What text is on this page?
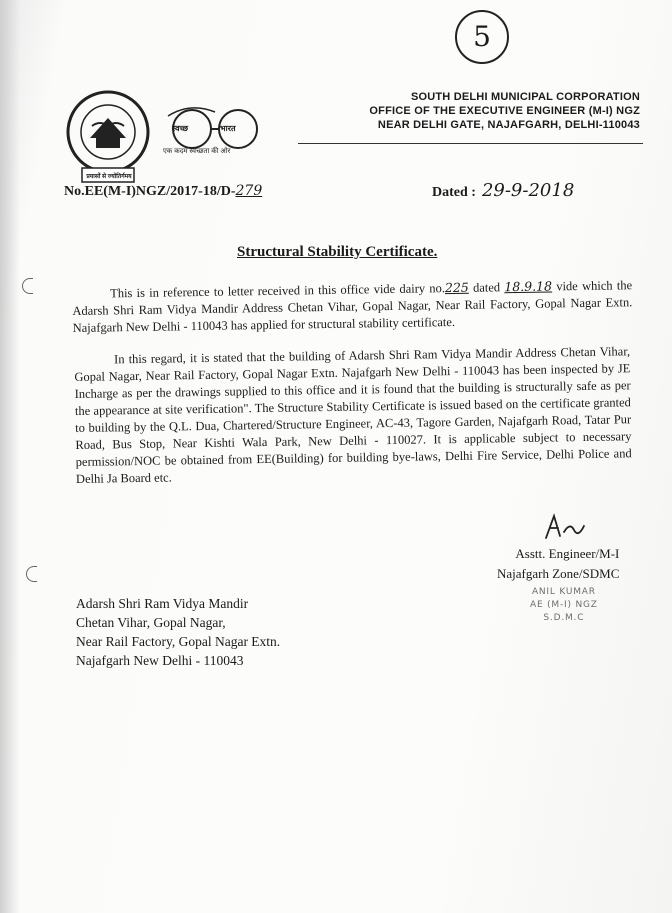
5
प्रयासों से ज्योतिर्गमय
स्वच्छ	भारत
एक कदम स्वच्छता की ओर
SOUTH DELHI MUNICIPAL CORPORATION
OFFICE OF THE EXECUTIVE ENGINEER (M-I) NGZ
NEAR DELHI GATE, NAJAFGARH, DELHI-110043
No.EE(M-I)NGZ/2017-18/D-279	Dated : 29-9-2018
Structural Stability Certificate.
This is in reference to letter received in this office vide dairy no.225 dated 18.9.18 vide which the Adarsh Shri Ram Vidya Mandir Address Chetan Vihar, Gopal Nagar, Near Rail Factory, Gopal Nagar Extn. Najafgarh New Delhi - 110043 has applied for structural stability certificate.
In this regard, it is stated that the building of Adarsh Shri Ram Vidya Mandir Address Chetan Vihar, Gopal Nagar, Near Rail Factory, Gopal Nagar Extn. Najafgarh New Delhi - 110043 has been inspected by JE Incharge as per the drawings supplied to this office and it is found that the building is structurally safe as per the appearance at site verification". The Structure Stability Certificate is issued based on the certificate granted to building by the Q.L. Dua, Chartered/Structure Engineer, AC-43, Tagore Garden, Najafgarh Road, Tatar Pur Road, Bus Stop, Near Kishti Wala Park, New Delhi - 110027. It is applicable subject to necessary permission/NOC be obtained from EE(Building) for building bye-laws, Delhi Fire Service, Delhi Police and Delhi Ja Board etc.
Asstt. Engineer/M-I
Najafgarh Zone/SDMC
ANIL KUMAR
AE (M-I) NGZ
S.D.M.C
Adarsh Shri Ram Vidya Mandir
Chetan Vihar, Gopal Nagar,
Near Rail Factory, Gopal Nagar Extn.
Najafgarh New Delhi - 110043
